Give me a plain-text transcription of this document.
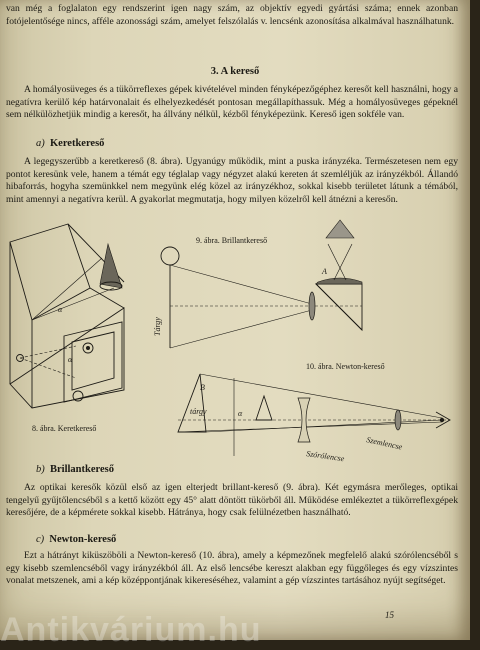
van még a foglalaton egy rendszerint igen nagy szám, az objektív egyedi gyártási száma; ennek azonban fotójelentősége nincs, afféle azonossági szám, amelyet felszólalás v. lencsénk azonosítása alkalmával használhatunk.

3. A kereső

A homályosüveges és a tükörreflexes gépek kivételével minden fényképezőgéphez keresőt kell használni, hogy a negatívra kerülő kép határvonalait és elhelyezkedését pontosan megállapíthassuk. Még a homályosüveges gépeknél sem nélkülözhetjük mindig a keresőt, ha állvány nélkül, kézből fényképezünk. Kereső igen sokféle van.

a) Keretkereső

A legegyszerűbb a keretkereső (8. ábra). Ugyanúgy működik, mint a puska irányzéka. Természetesen nem egy pontot keresünk vele, hanem a témát egy téglalap vagy négyzet alakú kereten át szemléljük az irányzékból. Állandó hibaforrás, hogyha szemünkkel nem megyünk elég közel az irányzékhoz, sokkal kisebb területet látunk a témából, mint amennyi a negatívra kerül. A gyakorlat megmutatja, hogy milyen közelről kell átnézni a keresőn.

α
α

8. ábra. Keretkereső

9. ábra. Brillantkereső

Tárgy
A

10. ábra. Newton-kereső

B
tárgy	α
Szemlencse
Szórólencse

b) Brillantkereső

Az optikai keresők közül első az igen elterjedt brillant-kereső (9. ábra). Két egymásra merőleges, optikai tengelyű gyűjtőlencséből s a kettő között egy 45° alatt döntött tükörből áll. Működése emlékeztet a tükörreflexgépek keresőjére, de a képmérete sokkal kisebb. Hátránya, hogy csak felülnézetben használható.

c) Newton-kereső

Ezt a hátrányt kiküszöböli a Newton-kereső (10. ábra), amely a képmezőnek megfelelő alakú szórólencséből s egy kisebb szemlencséből vagy irányzékból áll. Az első lencsébe kereszt alakban egy függőleges és egy vízszintes vonalat metszenek, ami a kép középpontjának kikereséséhez, valamint a gép vízszintes tartásához nyújt segítséget.

15
Antikvárium.hu
